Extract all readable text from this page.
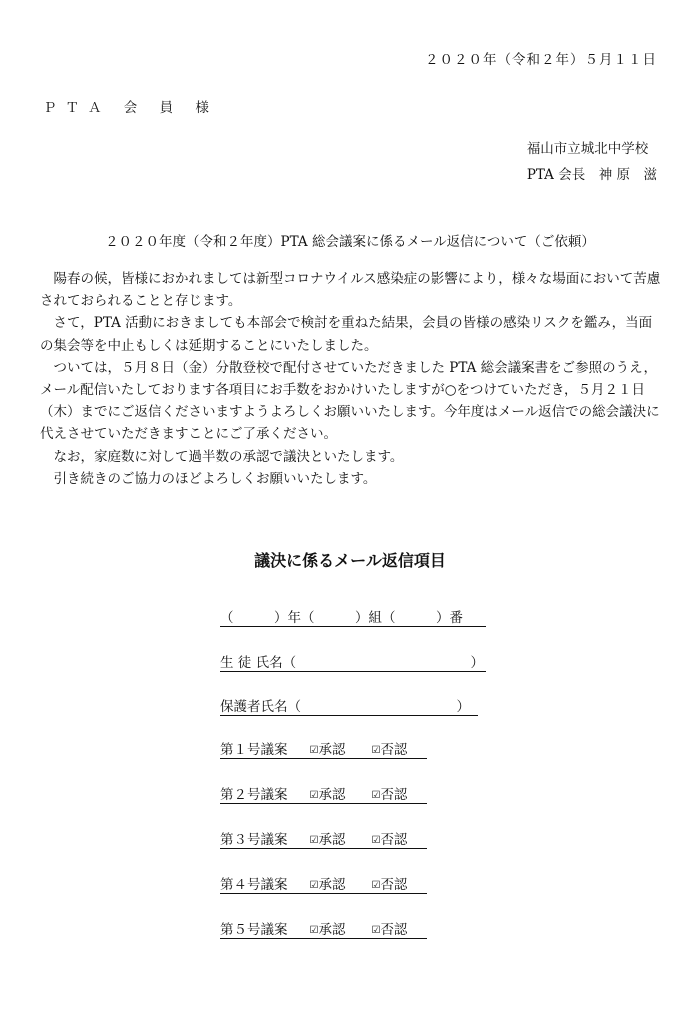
２０２０年（令和２年）５月１１日
ＰＴＡ 会 員 様
福山市立城北中学校
PTA 会長　神 原　滋
２０２０年度（令和２年度）PTA 総会議案に係るメール返信について（ご依頼）

陽春の候，皆様におかれましては新型コロナウイルス感染症の影響により，様々な場面において苦慮されておられることと存じます。

さて，PTA 活動におきましても本部会で検討を重ねた結果，会員の皆様の感染リスクを鑑み，当面の集会等を中止もしくは延期することにいたしました。

ついては，５月８日（金）分散登校で配付させていただきました PTA 総会議案書をご参照のうえ，メール配信いたしております各項目にお手数をおかけいたしますが○をつけていただき，５月２１日（木）までにご返信くださいますようよろしくお願いいたします。今年度はメール返信での総会議決に代えさせていただきますことにご了承ください。

なお，家庭数に対して過半数の承認で議決といたします。

引き続きのご協力のほどよろしくお願いいたします。

議決に係るメール返信項目
（　　　）年（　　　）組（　　　）番
生 徒 氏名（	）
保護者氏名（	）
第１号議案 ☑承認	☑否認
第２号議案 ☑承認	☑否認
第３号議案 ☑承認	☑否認
第４号議案 ☑承認	☑否認
第５号議案 ☑承認	☑否認
